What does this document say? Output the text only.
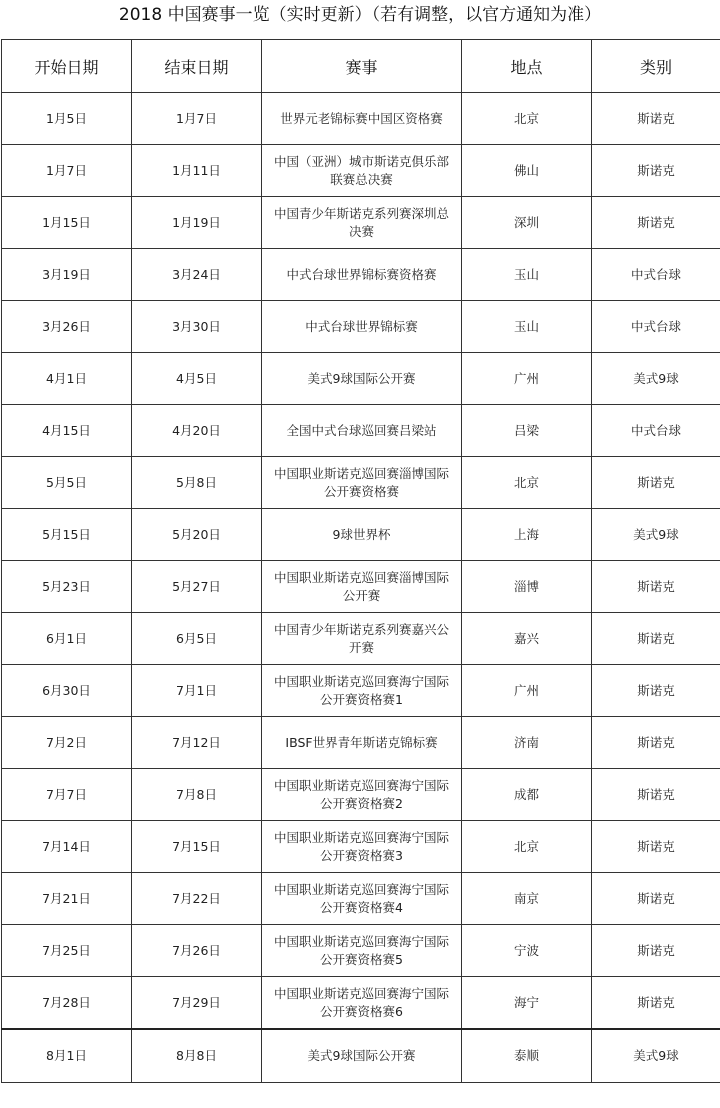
2018 中国赛事一览（实时更新）（若有调整，以官方通知为准）
开始日期	结束日期	赛事	地点	类别
1月5日	1月7日	世界元老锦标赛中国区资格赛	北京	斯诺克
1月7日	1月11日	中国（亚洲）城市斯诺克俱乐部联赛总决赛	佛山	斯诺克
1月15日	1月19日	中国青少年斯诺克系列赛深圳总决赛	深圳	斯诺克
3月19日	3月24日	中式台球世界锦标赛资格赛	玉山	中式台球
3月26日	3月30日	中式台球世界锦标赛	玉山	中式台球
4月1日	4月5日	美式9球国际公开赛	广州	美式9球
4月15日	4月20日	全国中式台球巡回赛吕梁站	吕梁	中式台球
5月5日	5月8日	中国职业斯诺克巡回赛淄博国际公开赛资格赛	北京	斯诺克
5月15日	5月20日	9球世界杯	上海	美式9球
5月23日	5月27日	中国职业斯诺克巡回赛淄博国际公开赛	淄博	斯诺克
6月1日	6月5日	中国青少年斯诺克系列赛嘉兴公开赛	嘉兴	斯诺克
6月30日	7月1日	中国职业斯诺克巡回赛海宁国际公开赛资格赛1	广州	斯诺克
7月2日	7月12日	IBSF世界青年斯诺克锦标赛	济南	斯诺克
7月7日	7月8日	中国职业斯诺克巡回赛海宁国际公开赛资格赛2	成都	斯诺克
7月14日	7月15日	中国职业斯诺克巡回赛海宁国际公开赛资格赛3	北京	斯诺克
7月21日	7月22日	中国职业斯诺克巡回赛海宁国际公开赛资格赛4	南京	斯诺克
7月25日	7月26日	中国职业斯诺克巡回赛海宁国际公开赛资格赛5	宁波	斯诺克
7月28日	7月29日	中国职业斯诺克巡回赛海宁国际公开赛资格赛6	海宁	斯诺克
8月1日	8月8日	美式9球国际公开赛	泰顺	美式9球
